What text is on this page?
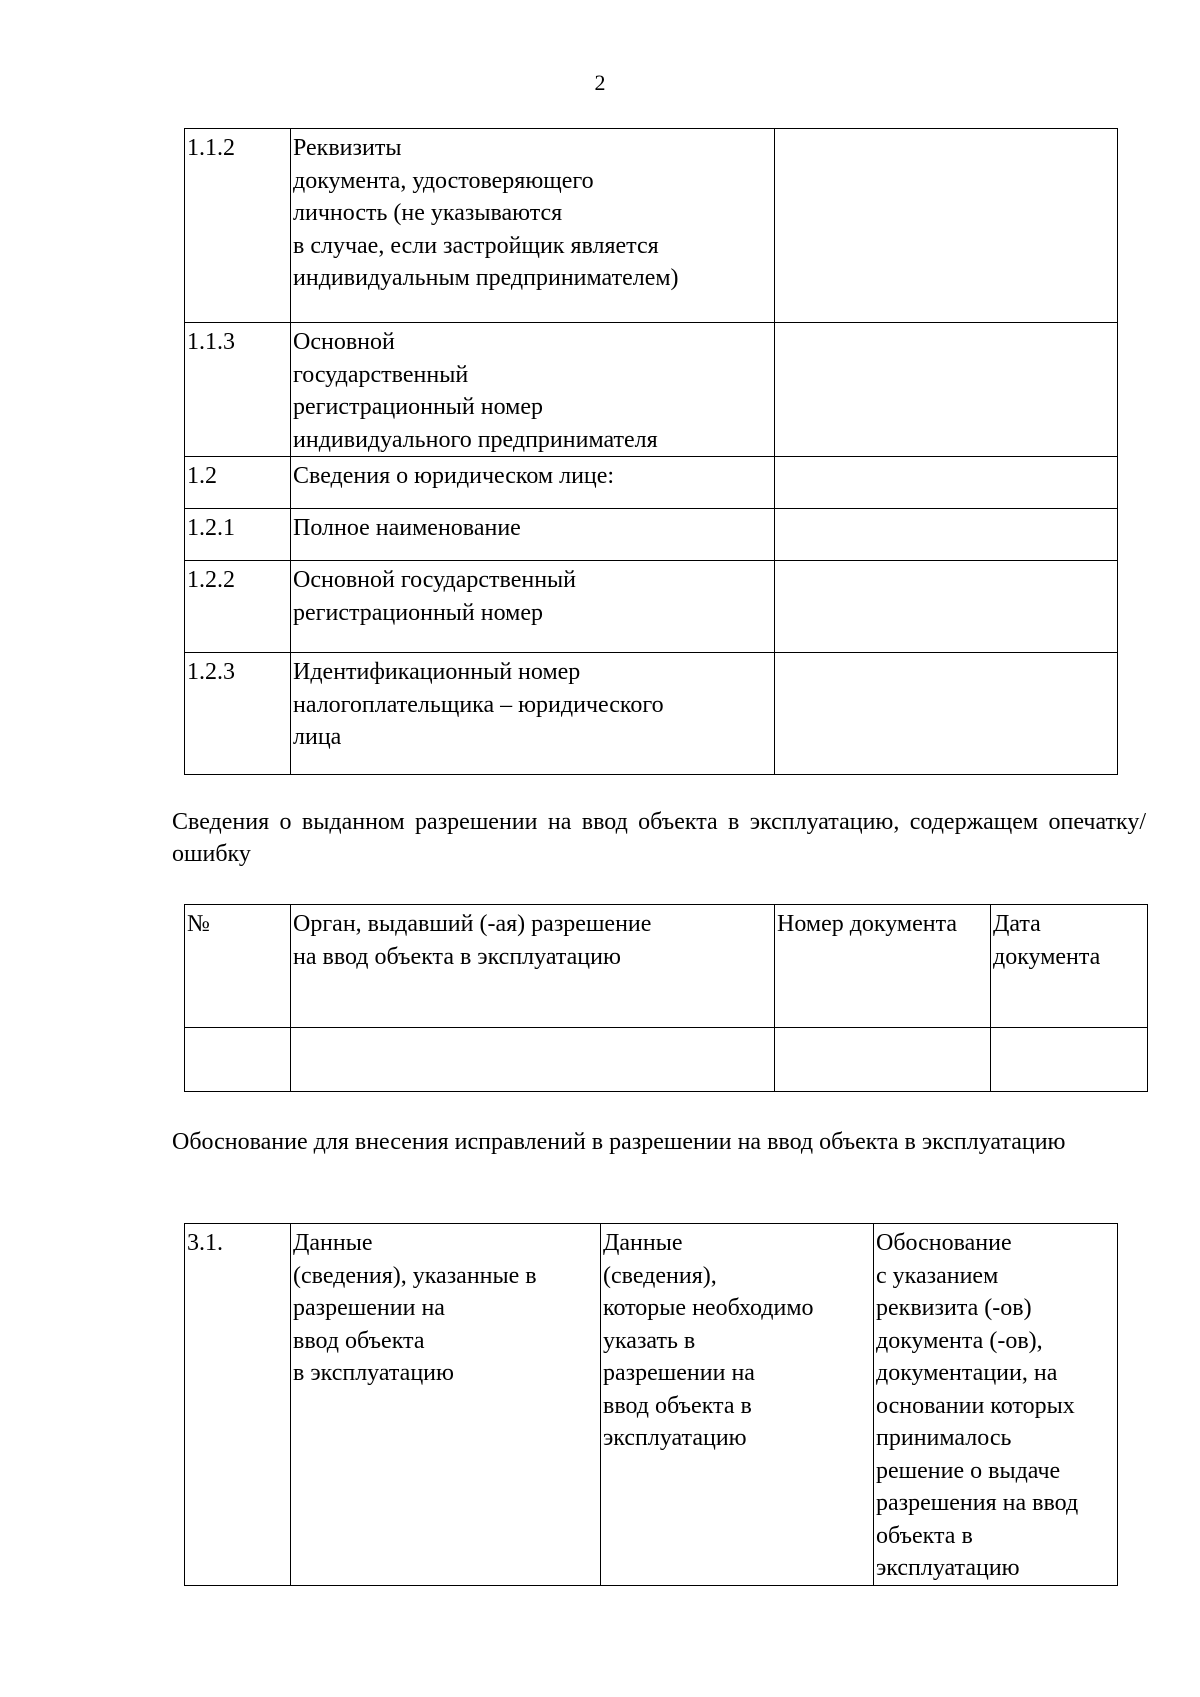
2
1.1.2	Реквизиты
документа, удостоверяющего
личность (не указываются
в случае, если застройщик является
индивидуальным предпринимателем)	
1.1.3	Основной
государственный
регистрационный номер
индивидуального предпринимателя	
1.2	Сведения о юридическом лице:	
1.2.1	Полное наименование	
1.2.2	Основной государственный
регистрационный номер	
1.2.3	Идентификационный номер
налогоплательщика – юридического
лица	
Сведения о выданном разрешении на ввод объекта в эксплуатацию, содержащем опечатку/ ошибку
№	Орган, выдавший (-ая) разрешение
на ввод объекта в эксплуатацию	Номер документа	Дата
документа

Обоснование для внесения исправлений в разрешении на ввод объекта в эксплуатацию
3.1.	Данные
(сведения), указанные в
разрешении на
ввод объекта
в эксплуатацию	Данные
(сведения),
которые необходимо
указать в
разрешении на
ввод объекта в
эксплуатацию	Обоснование
с указанием
реквизита (-ов)
документа (-ов),
документации, на
основании которых
принималось
решение о выдаче
разрешения на ввод
объекта в
эксплуатацию
